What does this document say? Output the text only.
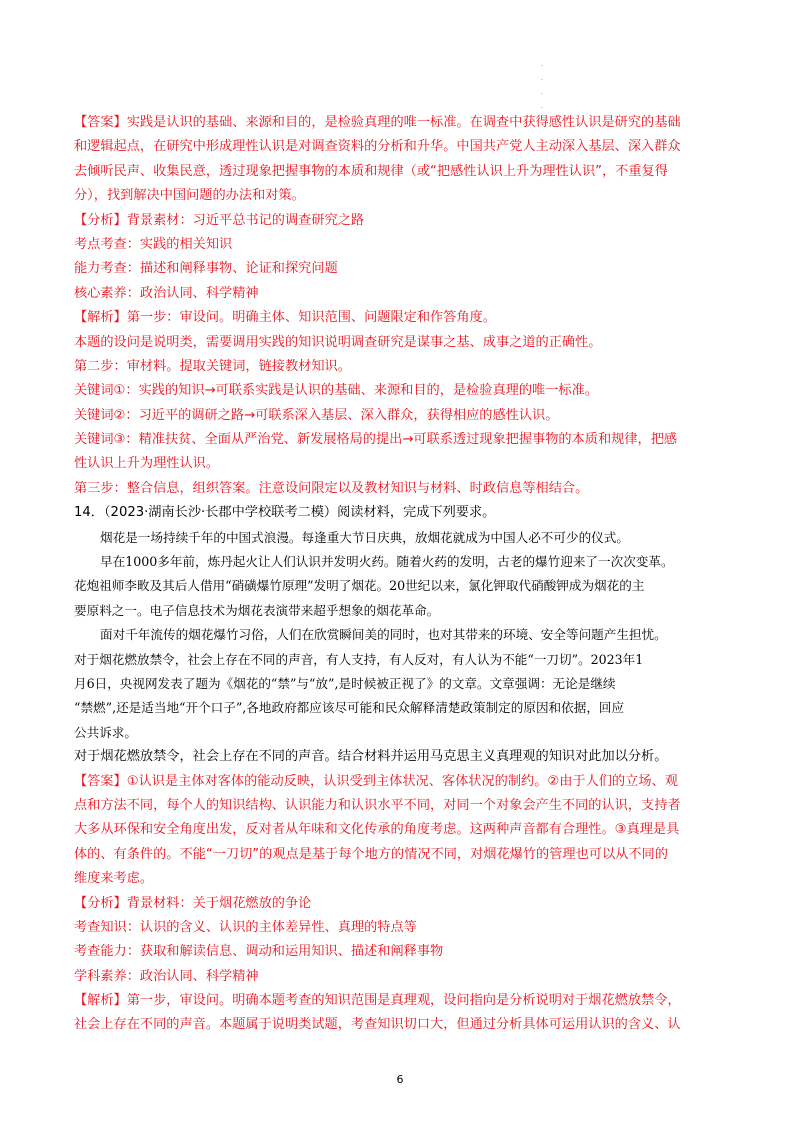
.
.
.
.
【答案】实践是认识的基础、来源和目的，是检验真理的唯一标准。在调查中获得感性认识是研究的基础
和逻辑起点，在研究中形成理性认识是对调查资料的分析和升华。中国共产党人主动深入基层、深入群众
去倾听民声、收集民意，透过现象把握事物的本质和规律（或“把感性认识上升为理性认识”，不重复得
分），找到解决中国问题的办法和对策。
【分析】背景素材：习近平总书记的调查研究之路
考点考查：实践的相关知识
能力考查：描述和阐释事物、论证和探究问题
核心素养：政治认同、科学精神
【解析】第一步：审设问。明确主体、知识范围、问题限定和作答角度。
本题的设问是说明类，需要调用实践的知识说明调查研究是谋事之基、成事之道的正确性。
第二步：审材料。提取关键词，链接教材知识。
关键词①：实践的知识→可联系实践是认识的基础、来源和目的，是检验真理的唯一标准。
关键词②：习近平的调研之路→可联系深入基层、深入群众，获得相应的感性认识。
关键词③：精准扶贫、全面从严治党、新发展格局的提出→可联系透过现象把握事物的本质和规律，把感
性认识上升为理性认识。
第三步：整合信息，组织答案。注意设问限定以及教材知识与材料、时政信息等相结合。
14．（2023·湖南长沙·长郡中学校联考二模）阅读材料，完成下列要求。
烟花是一场持续千年的中国式浪漫。每逢重大节日庆典，放烟花就成为中国人必不可少的仪式。
早在1000多年前，炼丹起火让人们认识并发明火药。随着火药的发明，古老的爆竹迎来了一次次变革。
花炮祖师李畋及其后人借用“硝磺爆竹原理”发明了烟花。20世纪以来，氯化钾取代硝酸钾成为烟花的主
要原料之一。电子信息技术为烟花表演带来超乎想象的烟花革命。
面对千年流传的烟花爆竹习俗，人们在欣赏瞬间美的同时，也对其带来的环境、安全等问题产生担忧。
对于烟花燃放禁令，社会上存在不同的声音，有人支持，有人反对，有人认为不能“一刀切”。2023年1
月6日，央视网发表了题为《烟花的“禁”与“放”,是时候被正视了》的文章。文章强调：无论是继续
“禁燃”,还是适当地“开个口子”,各地政府都应该尽可能和民众解释清楚政策制定的原因和依据，回应
公共诉求。
对于烟花燃放禁令，社会上存在不同的声音。结合材料并运用马克思主义真理观的知识对此加以分析。
【答案】①认识是主体对客体的能动反映，认识受到主体状况、客体状况的制约。②由于人们的立场、观
点和方法不同，每个人的知识结构、认识能力和认识水平不同，对同一个对象会产生不同的认识，支持者
大多从环保和安全角度出发，反对者从年味和文化传承的角度考虑。这两种声音都有合理性。③真理是具
体的、有条件的。不能“一刀切”的观点是基于每个地方的情况不同，对烟花爆竹的管理也可以从不同的
维度来考虑。
【分析】背景材料：关于烟花燃放的争论
考查知识：认识的含义、认识的主体差异性、真理的特点等
考查能力：获取和解读信息、调动和运用知识、描述和阐释事物
学科素养：政治认同、科学精神
【解析】第一步，审设问。明确本题考查的知识范围是真理观，设问指向是分析说明对于烟花燃放禁令，
社会上存在不同的声音。本题属于说明类试题，考查知识切口大，但通过分析具体可运用认识的含义、认
6
